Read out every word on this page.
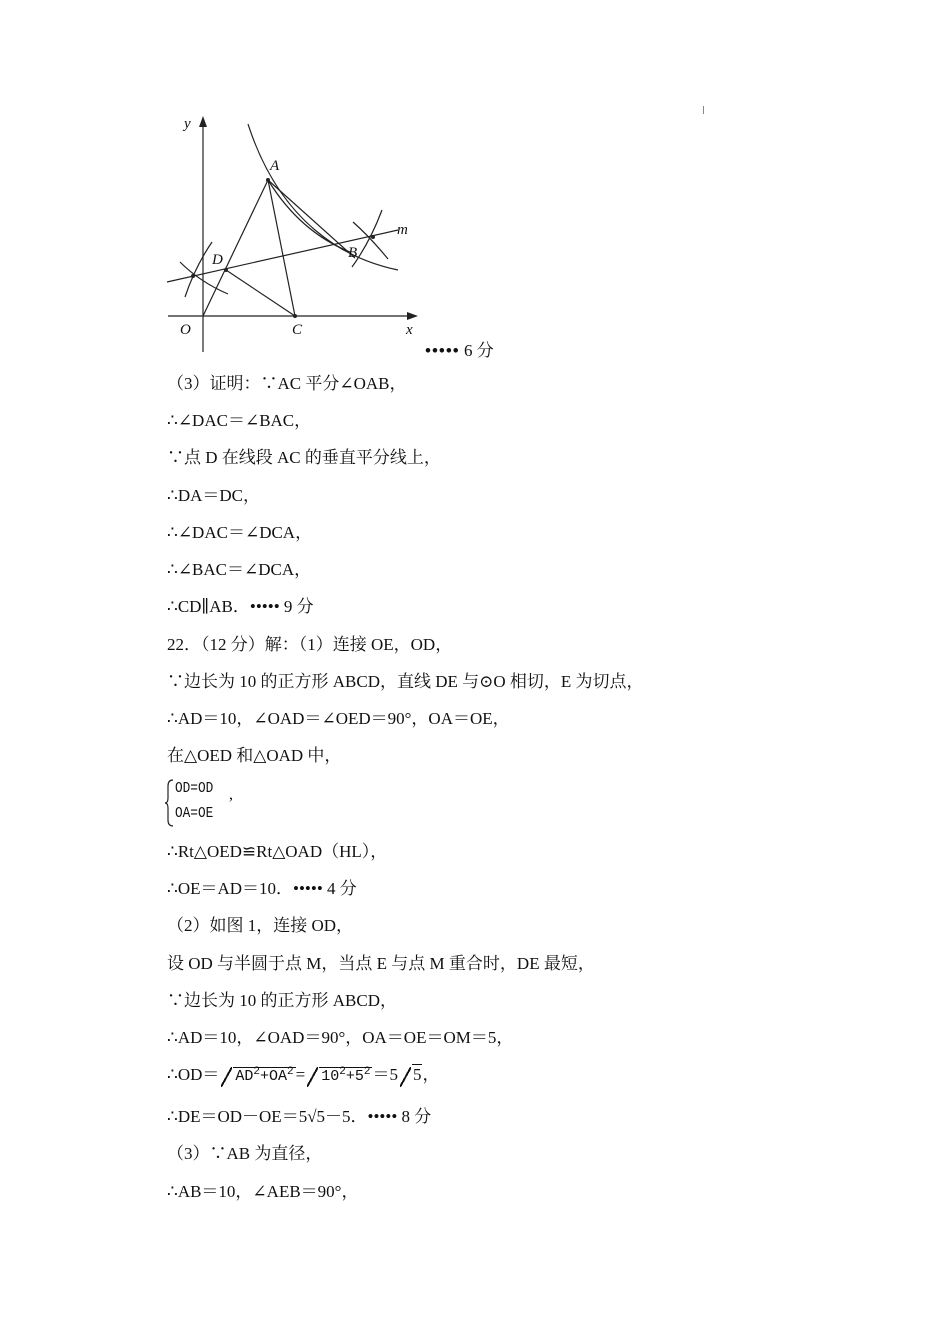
y
x
O
A
B
C
D
m
••••• 6 分
（3）证明：∵AC 平分∠OAB，
∴∠DAC＝∠BAC，
∵点 D 在线段 AC 的垂直平分线上，
∴DA＝DC，
∴∠DAC＝∠DCA，
∴∠BAC＝∠DCA，
∴CD∥AB．••••• 9 分
22．（12 分）解：（1）连接 OE，OD，
∵边长为 10 的正方形 ABCD，直线 DE 与⊙O 相切，E 为切点，
∴AD＝10，∠OAD＝∠OED＝90°，OA＝OE，
在△OED 和△OAD 中，
OD=OD
OA=OE
,
∴Rt△OED≌Rt△OAD（HL），
∴OE＝AD＝10．••••• 4 分
（2）如图 1，连接 OD，
设 OD 与半圆于点 M，当点 E 与点 M 重合时，DE 最短，
∵边长为 10 的正方形 ABCD，
∴AD＝10，∠OAD＝90°，OA＝OE＝OM＝5，
∴OD＝ $AD^2+OA^2 = 10^2+5^2 =5$ 5，
∴DE＝OD－OE＝5√5－5．••••• 8 分
（3）∵AB 为直径，
∴AB＝10，∠AEB＝90°，
